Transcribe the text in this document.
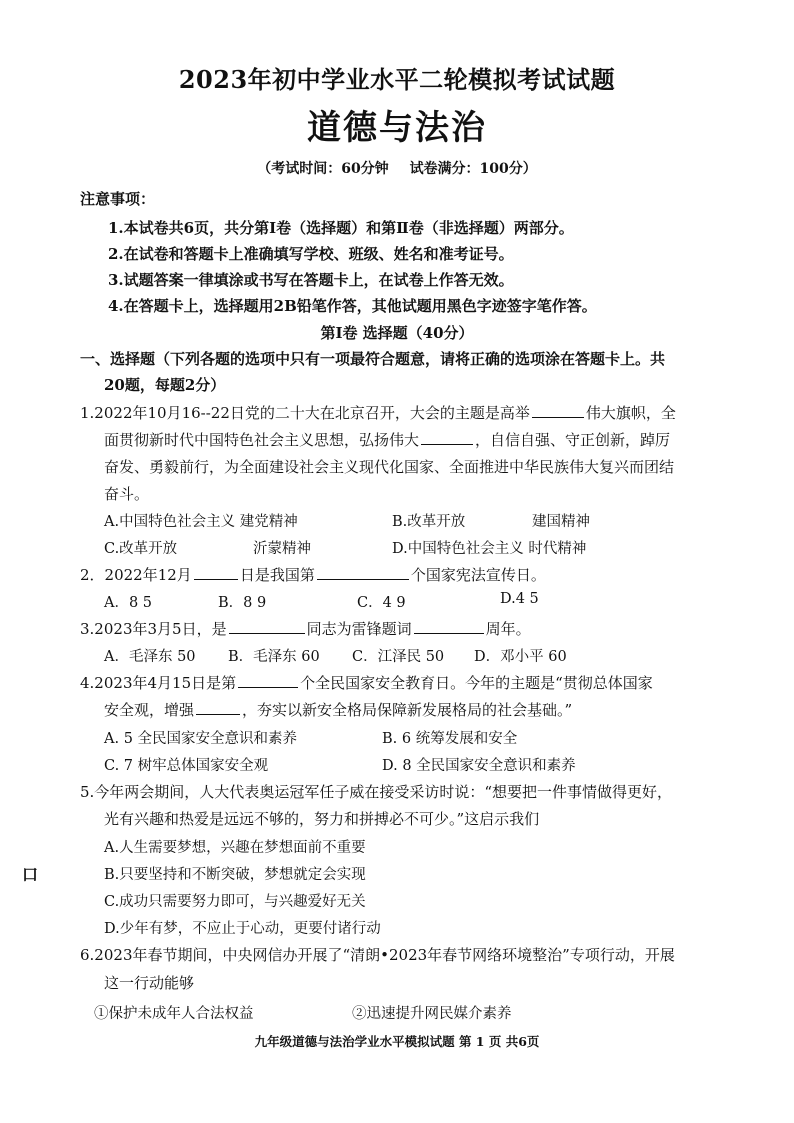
2023年初中学业水平二轮模拟考试试题
道德与法治
（考试时间：60分钟 试卷满分：100分）
注意事项：
1.本试卷共6页，共分第Ⅰ卷（选择题）和第Ⅱ卷（非选择题）两部分。
2.在试卷和答题卡上准确填写学校、班级、姓名和准考证号。
3.试题答案一律填涂或书写在答题卡上，在试卷上作答无效。
4.在答题卡上，选择题用2B铅笔作答，其他试题用黑色字迹签字笔作答。
第Ⅰ卷 选择题（40分）
一、选择题（下列各题的选项中只有一项最符合题意，请将正确的选项涂在答题卡上。共
20题，每题2分）
1.2022年10月16--22日党的二十大在北京召开，大会的主题是高举	伟大旗帜，全
面贯彻新时代中国特色社会主义思想，弘扬伟大	，自信自强、守正创新，踔厉
奋发、勇毅前行，为全面建设社会主义现代化国家、全面推进中华民族伟大复兴而团结
奋斗。
A.中国特色社会主义 建党精神	B.改革开放	建国精神
C.改革开放	沂蒙精神	D.中国特色社会主义 时代精神
2．2022年12月	日是我国第	个国家宪法宣传日。
A．8 5	B．8 9	C．4 9	D.4 5
3.2023年3月5日，是	同志为雷锋题词	周年。
A．毛泽东 50 B．毛泽东 60 C．江泽民 50 D．邓小平 60
4.2023年4月15日是第	个全民国家安全教育日。今年的主题是“贯彻总体国家
安全观，增强	，夯实以新安全格局保障新发展格局的社会基础。”
A. 5 全民国家安全意识和素养	B. 6 统筹发展和安全
C. 7 树牢总体国家安全观	D. 8 全民国家安全意识和素养
5.今年两会期间，人大代表奥运冠军任子威在接受采访时说：“想要把一件事情做得更好，
光有兴趣和热爱是远远不够的，努力和拼搏必不可少。”这启示我们
A.人生需要梦想，兴趣在梦想面前不重要
B.只要坚持和不断突破，梦想就定会实现
C.成功只需要努力即可，与兴趣爱好无关
D.少年有梦，不应止于心动，更要付诸行动
6.2023年春节期间，中央网信办开展了“清朗•2023年春节网络环境整治”专项行动，开展
这一行动能够
①保护未成年人合法权益	②迅速提升网民媒介素养
口
九年级道德与法治学业水平模拟试题 第 1 页 共6页
